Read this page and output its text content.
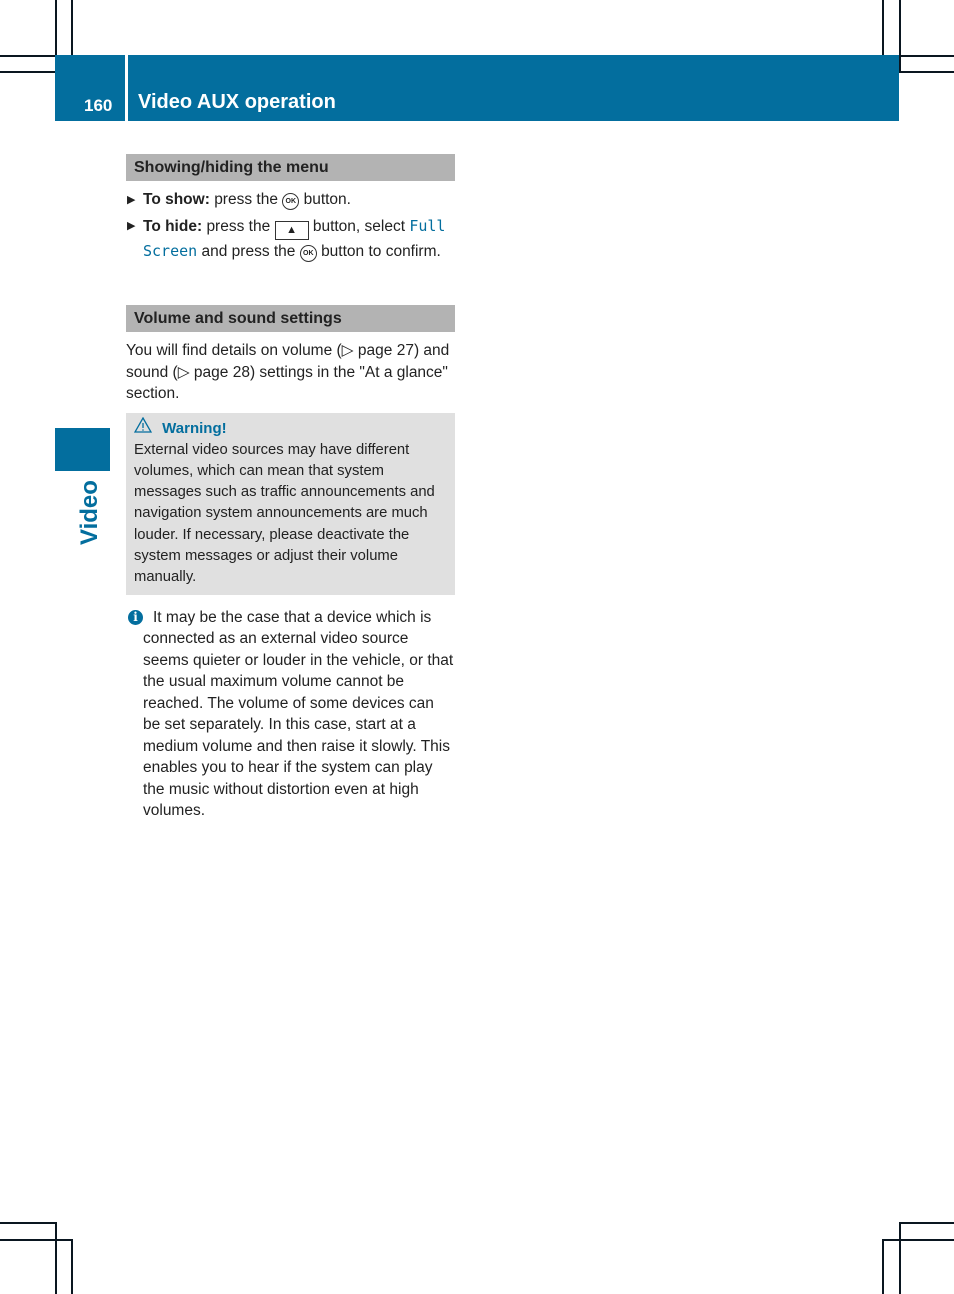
160 Video AUX operation
Video
Showing/hiding the menu
▶ To show: press the OK button.
▶ To hide: press the ▲ button, select Full Screen and press the OK button to confirm.
Volume and sound settings
You will find details on volume (▷ page 27) and sound (▷ page 28) settings in the "At a glance" section.
Warning!
External video sources may have different volumes, which can mean that system messages such as traffic announcements and navigation system announcements are much louder. If necessary, please deactivate the system messages or adjust their volume manually.
i It may be the case that a device which is connected as an external video source seems quieter or louder in the vehicle, or that the usual maximum volume cannot be reached. The volume of some devices can be set separately. In this case, start at a medium volume and then raise it slowly. This enables you to hear if the system can play the music without distortion even at high volumes.
